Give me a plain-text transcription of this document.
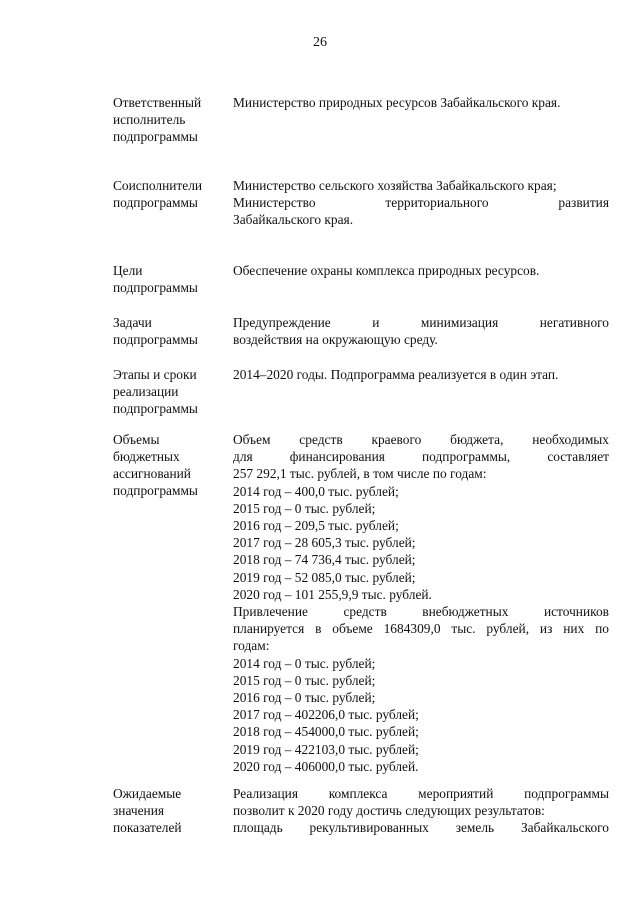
26
Ответственный
исполнитель
подпрограммы
Министерство природных ресурсов Забайкальского края.
Соисполнители
подпрограммы
Министерство сельского хозяйства Забайкальского края;
Министерство территориального развития
Забайкальского края.
Цели
подпрограммы
Обеспечение охраны комплекса природных ресурсов.
Задачи
подпрограммы
Предупреждение и минимизация негативного
воздействия на окружающую среду.
Этапы и сроки
реализации
подпрограммы
2014–2020 годы. Подпрограмма реализуется в один этап.
Объемы
бюджетных
ассигнований
подпрограммы
Объем средств краевого бюджета, необходимых
для финансирования подпрограммы, составляет
257 292,1 тыс. рублей, в том числе по годам:
2014 год – 400,0 тыс. рублей;
2015 год – 0 тыс. рублей;
2016 год – 209,5 тыс. рублей;
2017 год – 28 605,3 тыс. рублей;
2018 год – 74 736,4 тыс. рублей;
2019 год – 52 085,0 тыс. рублей;
2020 год – 101 255,9,9 тыс. рублей.
Привлечение средств внебюджетных источников
планируется в объеме 1684309,0 тыс. рублей, из них по
годам:
2014 год – 0 тыс. рублей;
2015 год – 0 тыс. рублей;
2016 год – 0 тыс. рублей;
2017 год – 402206,0 тыс. рублей;
2018 год – 454000,0 тыс. рублей;
2019 год – 422103,0 тыс. рублей;
2020 год – 406000,0 тыс. рублей.
Ожидаемые
значения
показателей
Реализация комплекса мероприятий подпрограммы
позволит к 2020 году достичь следующих результатов:
площадь рекультивированных земель Забайкальского
